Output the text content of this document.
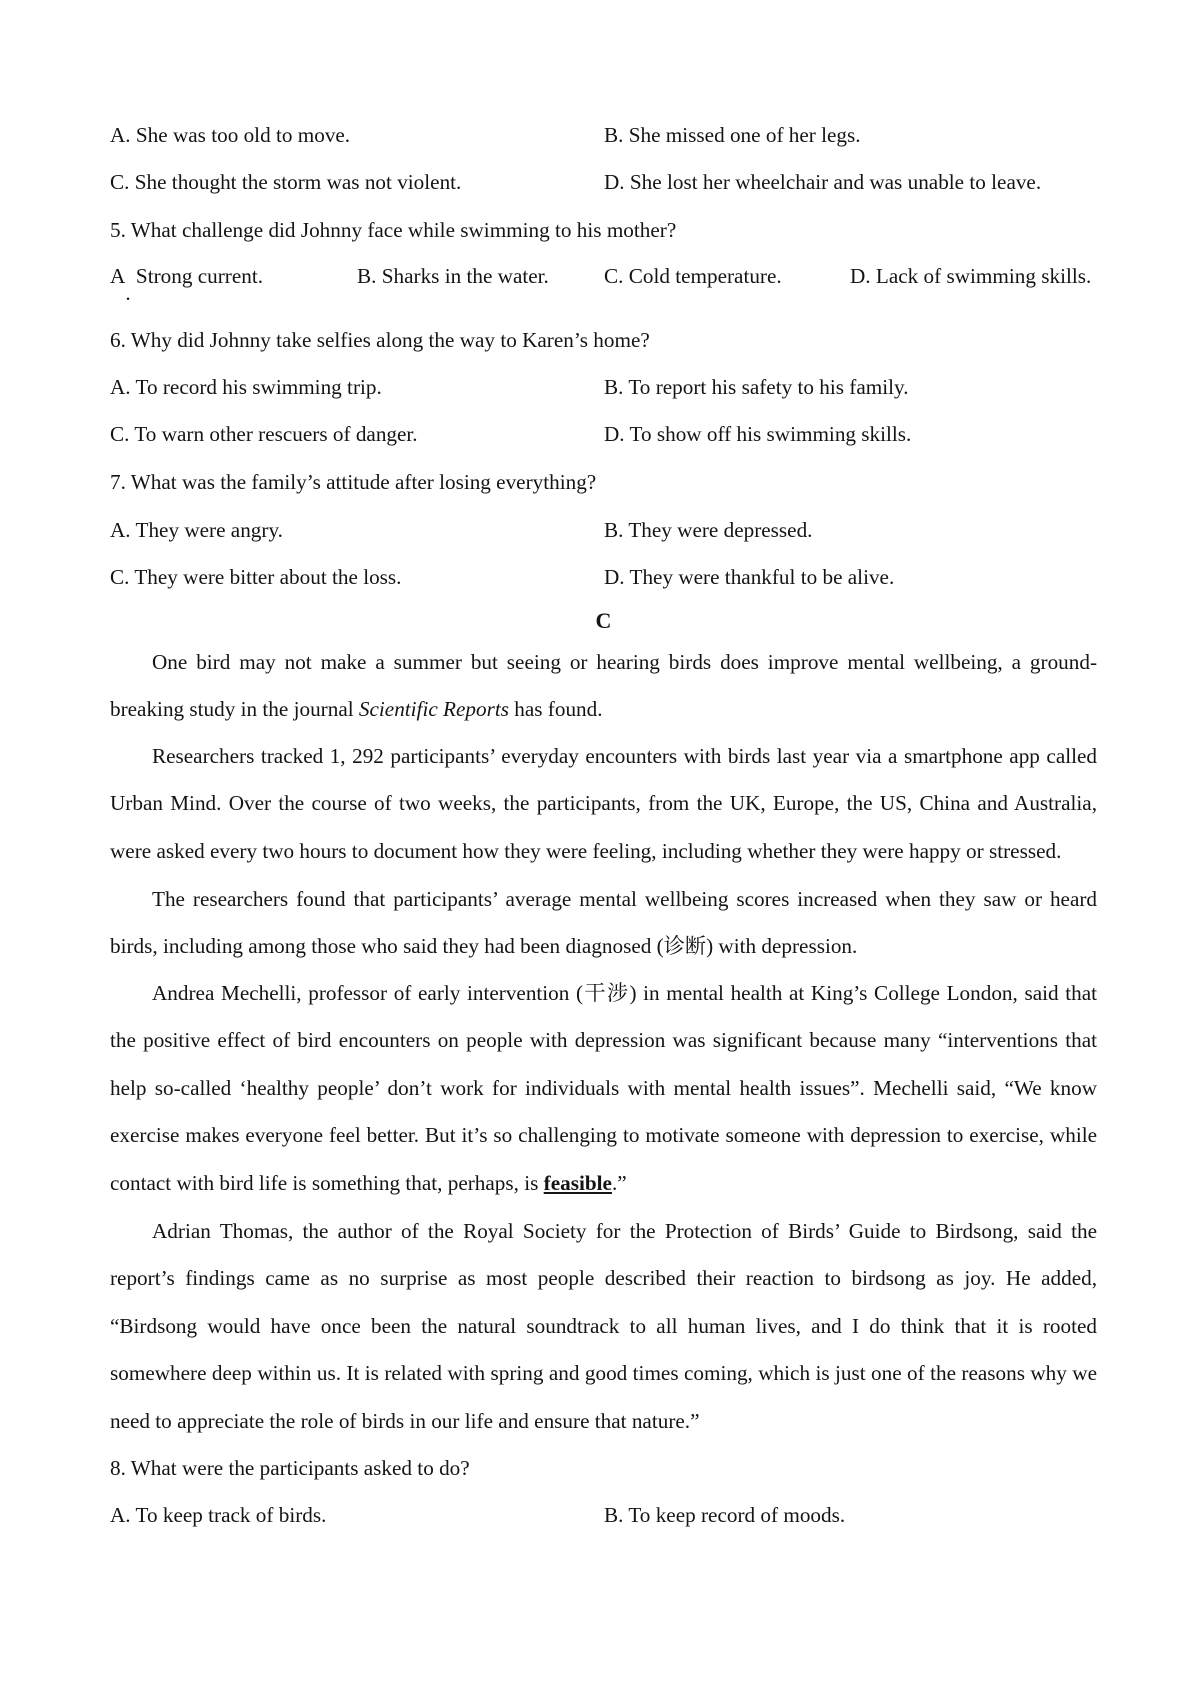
A. She was too old to move.	B. She missed one of her legs.
C. She thought the storm was not violent.	D. She lost her wheelchair and was unable to leave.
5. What challenge did Johnny face while swimming to his mother?
A. Strong current.	B. Sharks in the water.	C. Cold temperature.	D. Lack of swimming skills.
6. Why did Johnny take selfies along the way to Karen’s home?
A. To record his swimming trip.	B. To report his safety to his family.
C. To warn other rescuers of danger.	D. To show off his swimming skills.
7. What was the family’s attitude after losing everything?
A. They were angry.	B. They were depressed.
C. They were bitter about the loss.	D. They were thankful to be alive.
C

One bird may not make a summer but seeing or hearing birds does improve mental wellbeing, a ground-breaking study in the journal Scientific Reports has found.

Researchers tracked 1, 292 participants’ everyday encounters with birds last year via a smartphone app called Urban Mind. Over the course of two weeks, the participants, from the UK, Europe, the US, China and Australia, were asked every two hours to document how they were feeling, including whether they were happy or stressed.

The researchers found that participants’ average mental wellbeing scores increased when they saw or heard birds, including among those who said they had been diagnosed (诊断) with depression.

Andrea Mechelli, professor of early intervention (干涉) in mental health at King’s College London, said that the positive effect of bird encounters on people with depression was significant because many “interventions that help so-called ‘healthy people’ don’t work for individuals with mental health issues”. Mechelli said, “We know exercise makes everyone feel better. But it’s so challenging to motivate someone with depression to exercise, while contact with bird life is something that, perhaps, is feasible.”

Adrian Thomas, the author of the Royal Society for the Protection of Birds’ Guide to Birdsong, said the report’s findings came as no surprise as most people described their reaction to birdsong as joy. He added, “Birdsong would have once been the natural soundtrack to all human lives, and I do think that it is rooted somewhere deep within us. It is related with spring and good times coming, which is just one of the reasons why we need to appreciate the role of birds in our life and ensure that nature.”

8. What were the participants asked to do?
A. To keep track of birds.	B. To keep record of moods.
